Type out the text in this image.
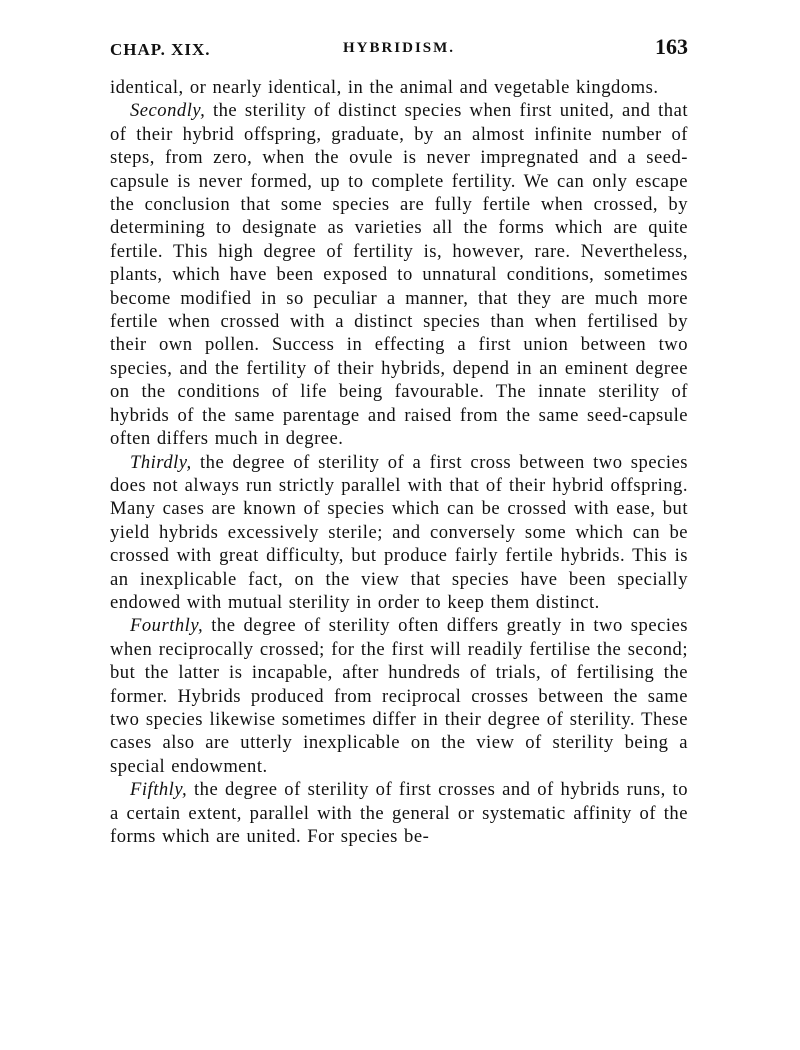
CHAP. XIX.	HYBRIDISM.	163

identical, or nearly identical, in the animal and vegetable kingdoms.

Secondly, the sterility of distinct species when first united, and that of their hybrid offspring, graduate, by an almost infinite number of steps, from zero, when the ovule is never impregnated and a seed-capsule is never formed, up to complete fertility. We can only escape the conclusion that some species are fully fertile when crossed, by determining to designate as varieties all the forms which are quite fertile. This high degree of fertility is, however, rare. Nevertheless, plants, which have been exposed to unnatural conditions, sometimes become modified in so peculiar a manner, that they are much more fertile when crossed with a distinct species than when fertilised by their own pollen. Success in effecting a first union between two species, and the fertility of their hybrids, depend in an eminent degree on the conditions of life being favourable. The innate sterility of hybrids of the same parentage and raised from the same seed-capsule often differs much in degree.

Thirdly, the degree of sterility of a first cross between two species does not always run strictly parallel with that of their hybrid offspring. Many cases are known of species which can be crossed with ease, but yield hybrids excessively sterile; and conversely some which can be crossed with great difficulty, but produce fairly fertile hybrids. This is an inexplicable fact, on the view that species have been specially endowed with mutual sterility in order to keep them distinct.

Fourthly, the degree of sterility often differs greatly in two species when reciprocally crossed; for the first will readily fertilise the second; but the latter is incapable, after hundreds of trials, of fertilising the former. Hybrids produced from reciprocal crosses between the same two species likewise sometimes differ in their degree of sterility. These cases also are utterly inexplicable on the view of sterility being a special endowment.

Fifthly, the degree of sterility of first crosses and of hybrids runs, to a certain extent, parallel with the general or systematic affinity of the forms which are united. For species be-
